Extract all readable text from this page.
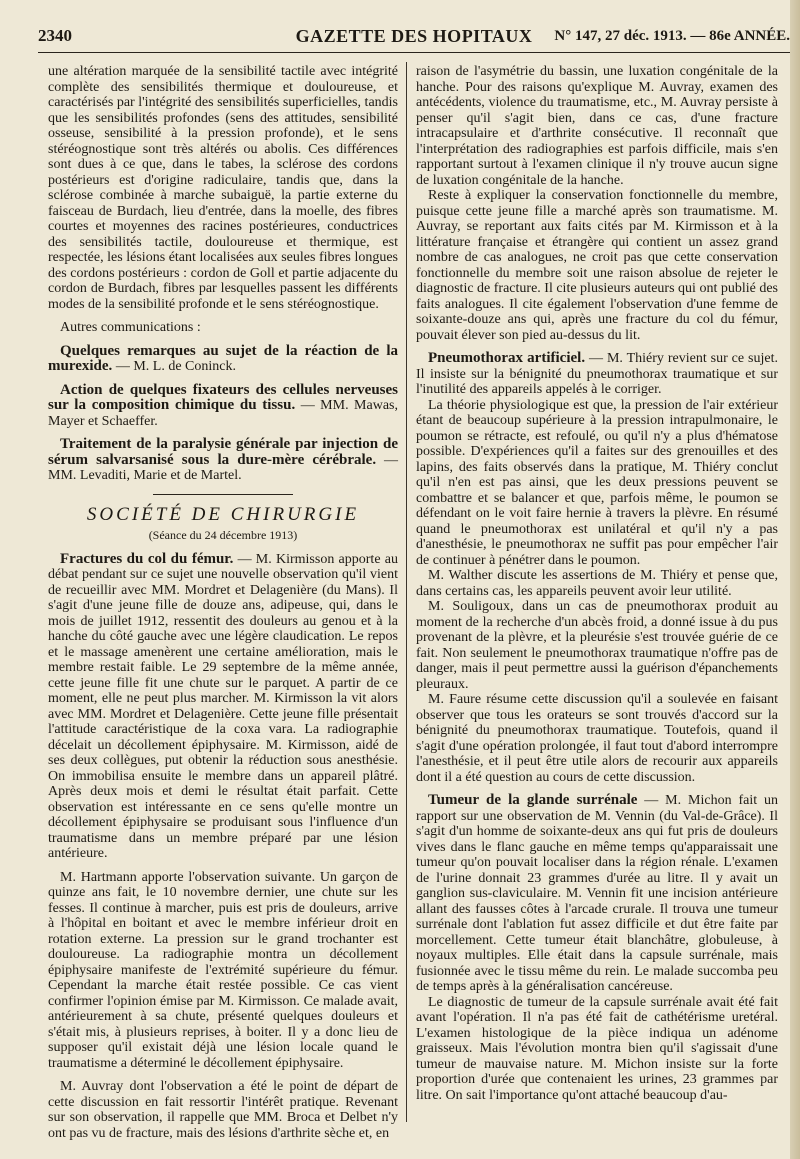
2340	GAZETTE DES HOPITAUX	N° 147, 27 déc. 1913. — 86e ANNÉE.

une altération marquée de la sensibilité tactile avec intégrité complète des sensibilités thermique et douloureuse, et caractérisés par l'intégrité des sensibilités superficielles, tandis que les sensibilités profondes (sens des attitudes, sensibilité osseuse, sensibilité à la pression profonde), et le sens stéréognostique sont très altérés ou abolis. Ces différences sont dues à ce que, dans le tabes, la sclérose des cordons postérieurs est d'origine radiculaire, tandis que, dans la sclérose combinée à marche subaiguë, la partie externe du faisceau de Burdach, lieu d'entrée, dans la moelle, des fibres courtes et moyennes des racines postérieures, conductrices des sensibilités tactile, douloureuse et thermique, est respectée, les lésions étant localisées aux seules fibres longues des cordons postérieurs : cordon de Goll et partie adjacente du cordon de Burdach, fibres par lesquelles passent les différents modes de la sensibilité profonde et le sens stéréognostique.

Autres communications :

Quelques remarques au sujet de la réaction de la murexide. — M. L. de Coninck.

Action de quelques fixateurs des cellules nerveuses sur la composition chimique du tissu. — MM. Mawas, Mayer et Schaeffer.

Traitement de la paralysie générale par injection de sérum salvarsanisé sous la dure-mère cérébrale. — MM. Levaditi, Marie et de Martel.

SOCIÉTÉ DE CHIRURGIE
(Séance du 24 décembre 1913)

Fractures du col du fémur. — M. Kirmisson apporte au débat pendant sur ce sujet une nouvelle observation qu'il vient de recueillir avec MM. Mordret et Delagenière (du Mans). Il s'agit d'une jeune fille de douze ans, adipeuse, qui, dans le mois de juillet 1912, ressentit des douleurs au genou et à la hanche du côté gauche avec une légère claudication. Le repos et le massage amenèrent une certaine amélioration, mais le membre restait faible. Le 29 septembre de la même année, cette jeune fille fit une chute sur le parquet. A partir de ce moment, elle ne peut plus marcher. M. Kirmisson la vit alors avec MM. Mordret et Delagenière. Cette jeune fille présentait l'attitude caractéristique de la coxa vara. La radiographie décelait un décollement épiphysaire. M. Kirmisson, aidé de ses deux collègues, put obtenir la réduction sous anesthésie. On immobilisa ensuite le membre dans un appareil plâtré. Après deux mois et demi le résultat était parfait. Cette observation est intéressante en ce sens qu'elle montre un décollement épiphysaire se produisant sous l'influence d'un traumatisme dans un membre préparé par une lésion antérieure.

M. Hartmann apporte l'observation suivante. Un garçon de quinze ans fait, le 10 novembre dernier, une chute sur les fesses. Il continue à marcher, puis est pris de douleurs, arrive à l'hôpital en boitant et avec le membre inférieur droit en rotation externe. La pression sur le grand trochanter est douloureuse. La radiographie montra un décollement épiphysaire manifeste de l'extrémité supérieure du fémur. Cependant la marche était restée possible. Ce cas vient confirmer l'opinion émise par M. Kirmisson. Ce malade avait, antérieurement à sa chute, présenté quelques douleurs et s'était mis, à plusieurs reprises, à boiter. Il y a donc lieu de supposer qu'il existait déjà une lésion locale quand le traumatisme a déterminé le décollement épiphysaire.

M. Auvray dont l'observation a été le point de départ de cette discussion en fait ressortir l'intérêt pratique. Revenant sur son observation, il rappelle que MM. Broca et Delbet n'y ont pas vu de fracture, mais des lésions d'arthrite sèche et, en

raison de l'asymétrie du bassin, une luxation congénitale de la hanche. Pour des raisons qu'explique M. Auvray, examen des antécédents, violence du traumatisme, etc., M. Auvray persiste à penser qu'il s'agit bien, dans ce cas, d'une fracture intracapsulaire et d'arthrite consécutive. Il reconnaît que l'interprétation des radiographies est parfois difficile, mais s'en rapportant surtout à l'examen clinique il n'y trouve aucun signe de luxation congénitale de la hanche.

Reste à expliquer la conservation fonctionnelle du membre, puisque cette jeune fille a marché après son traumatisme. M. Auvray, se reportant aux faits cités par M. Kirmisson et à la littérature française et étrangère qui contient un assez grand nombre de cas analogues, ne croit pas que cette conservation fonctionnelle du membre soit une raison absolue de rejeter le diagnostic de fracture. Il cite plusieurs auteurs qui ont publié des faits analogues. Il cite également l'observation d'une femme de soixante-douze ans qui, après une fracture du col du fémur, pouvait élever son pied au-dessus du lit.

Pneumothorax artificiel. — M. Thiéry revient sur ce sujet. Il insiste sur la bénignité du pneumothorax traumatique et sur l'inutilité des appareils appelés à le corriger.

La théorie physiologique est que, la pression de l'air extérieur étant de beaucoup supérieure à la pression intrapulmonaire, le poumon se rétracte, est refoulé, ou qu'il n'y a plus d'hématose possible. D'expériences qu'il a faites sur des grenouilles et des lapins, des faits observés dans la pratique, M. Thiéry conclut qu'il n'en est pas ainsi, que les deux pressions peuvent se combattre et se balancer et que, parfois même, le poumon se défendant on le voit faire hernie à travers la plèvre. En résumé quand le pneumothorax est unilatéral et qu'il n'y a pas d'anesthésie, le pneumothorax ne suffit pas pour empêcher l'air de continuer à pénétrer dans le poumon.

M. Walther discute les assertions de M. Thiéry et pense que, dans certains cas, les appareils peuvent avoir leur utilité.

M. Souligoux, dans un cas de pneumothorax produit au moment de la recherche d'un abcès froid, a donné issue à du pus provenant de la plèvre, et la pleurésie s'est trouvée guérie de ce fait. Non seulement le pneumothorax traumatique n'offre pas de danger, mais il peut permettre aussi la guérison d'épanchements pleuraux.

M. Faure résume cette discussion qu'il a soulevée en faisant observer que tous les orateurs se sont trouvés d'accord sur la bénignité du pneumothorax traumatique. Toutefois, quand il s'agit d'une opération prolongée, il faut tout d'abord interrompre l'anesthésie, et il peut être utile alors de recourir aux appareils dont il a été question au cours de cette discussion.

Tumeur de la glande surrénale — M. Michon fait un rapport sur une observation de M. Vennin (du Val-de-Grâce). Il s'agit d'un homme de soixante-deux ans qui fut pris de douleurs vives dans le flanc gauche en même temps qu'apparaissait une tumeur qu'on pouvait localiser dans la région rénale. L'examen de l'urine donnait 23 grammes d'urée au litre. Il y avait un ganglion sus-claviculaire. M. Vennin fit une incision antérieure allant des fausses côtes à l'arcade crurale. Il trouva une tumeur surrénale dont l'ablation fut assez difficile et dut être faite par morcellement. Cette tumeur était blanchâtre, globuleuse, à noyaux multiples. Elle était dans la capsule surrénale, mais fusionnée avec le tissu même du rein. Le malade succomba peu de temps après à la généralisation cancéreuse.

Le diagnostic de tumeur de la capsule surrénale avait été fait avant l'opération. Il n'a pas été fait de cathétérisme uretéral. L'examen histologique de la pièce indiqua un adénome graisseux. Mais l'évolution montra bien qu'il s'agissait d'une tumeur de mauvaise nature. M. Michon insiste sur la forte proportion d'urée que contenaient les urines, 23 grammes par litre. On sait l'importance qu'ont attaché beaucoup d'au-
